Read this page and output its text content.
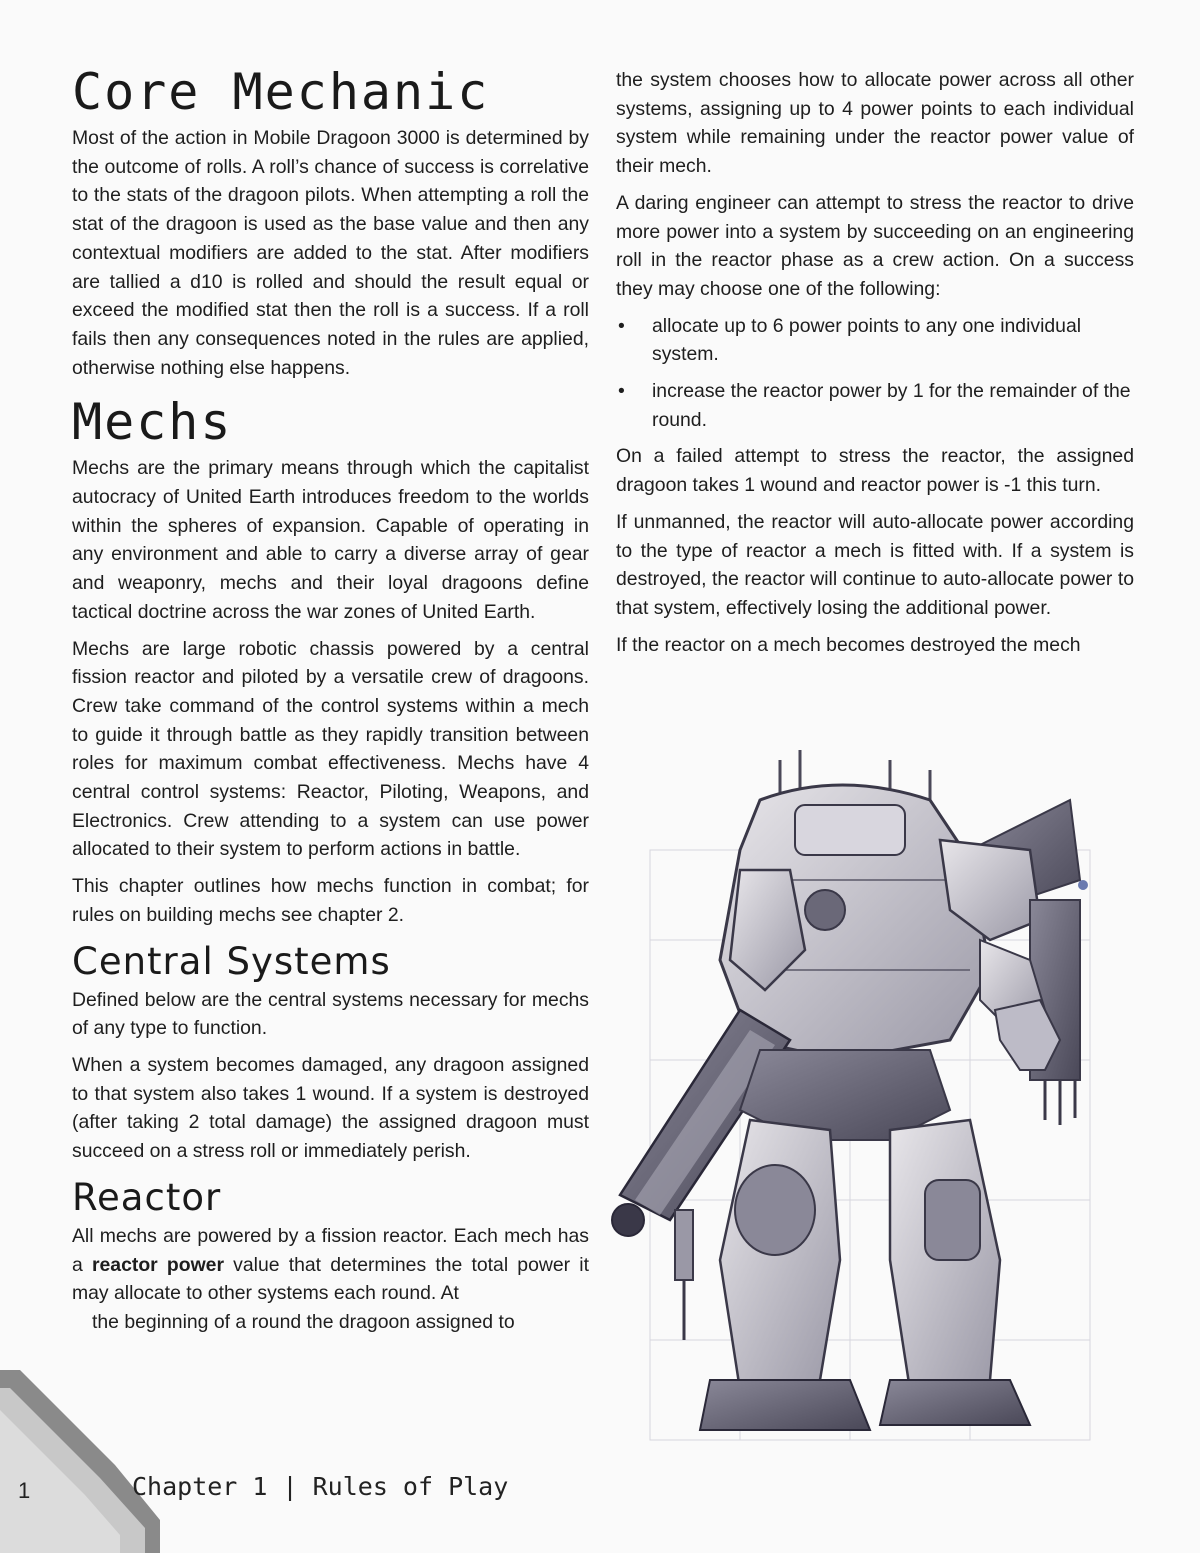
Core Mechanic

Most of the action in Mobile Dragoon 3000 is determined by the outcome of rolls. A roll’s chance of success is correlative to the stats of the dragoon pilots. When attempting a roll the stat of the dragoon is used as the base value and then any contextual modifiers are added to the stat. After modifiers are tallied a d10 is rolled and should the result equal or exceed the modified stat then the roll is a success. If a roll fails then any consequences noted in the rules are applied, otherwise nothing else happens.

Mechs

Mechs are the primary means through which the capitalist autocracy of United Earth introduces freedom to the worlds within the spheres of expansion. Capable of operating in any environment and able to carry a diverse array of gear and weaponry, mechs and their loyal dragoons define tactical doctrine across the war zones of United Earth.

Mechs are large robotic chassis powered by a central fission reactor and piloted by a versatile crew of dragoons. Crew take command of the control systems within a mech to guide it through battle as they rapidly transition between roles for maximum combat effectiveness. Mechs have 4 central control systems: Reactor, Piloting, Weapons, and Electronics. Crew attending to a system can use power allocated to their system to perform actions in battle.

This chapter outlines how mechs function in combat; for rules on building mechs see chapter 2.

Central Systems

Defined below are the central systems necessary for mechs of any type to function.

When a system becomes damaged, any dragoon assigned to that system also takes 1 wound. If a system is destroyed (after taking 2 total damage) the assigned dragoon must succeed on a stress roll or immediately perish.

Reactor

All mechs are powered by a fission reactor. Each mech has a reactor power value that determines the total power it may allocate to other systems each round. At

the beginning of a round the dragoon assigned to

the system chooses how to allocate power across all other systems, assigning up to 4 power points to each individual system while remaining under the reactor power value of their mech.

A daring engineer can attempt to stress the reactor to drive more power into a system by succeeding on an engineering roll in the reactor phase as a crew action. On a success they may choose one of the following:

• allocate up to 6 power points to any one individual system.
• increase the reactor power by 1 for the remainder of the round.

On a failed attempt to stress the reactor, the assigned dragoon takes 1 wound and reactor power is -1 this turn.

If unmanned, the reactor will auto-allocate power according to the type of reactor a mech is fitted with. If a system is destroyed, the reactor will continue to auto-allocate power to that system, effectively losing the additional power.

If the reactor on a mech becomes destroyed the mech

1	Chapter 1 | Rules of Play
